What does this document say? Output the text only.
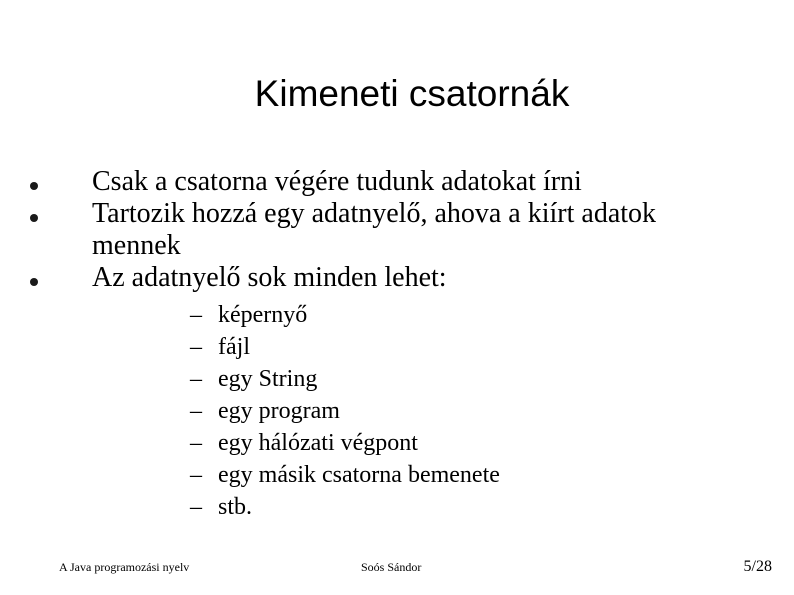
Kimeneti csatornák
Csak a csatorna végére tudunk adatokat írni
Tartozik hozzá egy adatnyelő, ahova a kiírt adatok mennek
Az adatnyelő sok minden lehet:
– képernyő
– fájl
– egy String
– egy program
– egy hálózati végpont
– egy másik csatorna bemenete
– stb.
A Java programozási nyelv	Soós Sándor	5/28
